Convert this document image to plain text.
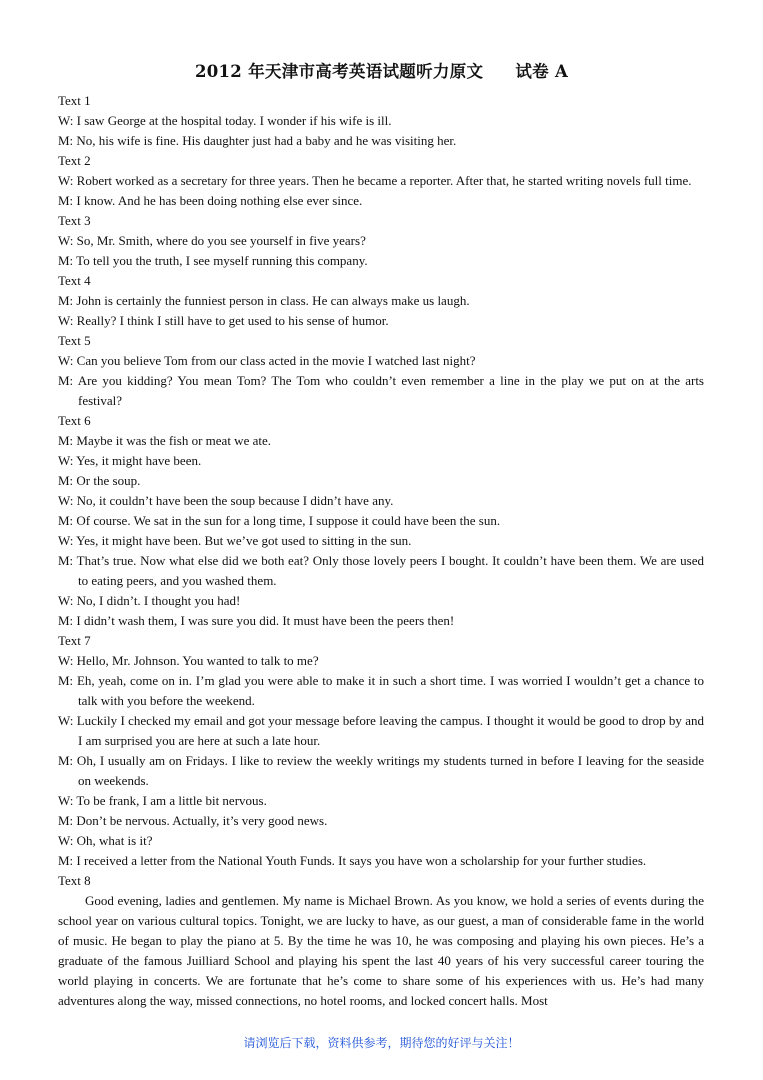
2012 年天津市高考英语试题听力原文 试卷 A
Text 1
W: I saw George at the hospital today. I wonder if his wife is ill.
M: No, his wife is fine. His daughter just had a baby and he was visiting her.
Text 2
W: Robert worked as a secretary for three years. Then he became a reporter. After that, he started writing novels full time.
M: I know. And he has been doing nothing else ever since.
Text 3
W: So, Mr. Smith, where do you see yourself in five years?
M: To tell you the truth, I see myself running this company.
Text 4
M: John is certainly the funniest person in class. He can always make us laugh.
W: Really? I think I still have to get used to his sense of humor.
Text 5
W: Can you believe Tom from our class acted in the movie I watched last night?
M: Are you kidding? You mean Tom? The Tom who couldn’t even remember a line in the play we put on at the arts festival?
Text 6
M: Maybe it was the fish or meat we ate.
W: Yes, it might have been.
M: Or the soup.
W: No, it couldn’t have been the soup because I didn’t have any.
M: Of course. We sat in the sun for a long time, I suppose it could have been the sun.
W: Yes, it might have been. But we’ve got used to sitting in the sun.
M: That’s true. Now what else did we both eat? Only those lovely peers I bought. It couldn’t have been them. We are used to eating peers, and you washed them.
W: No, I didn’t. I thought you had!
M: I didn’t wash them, I was sure you did. It must have been the peers then!
Text 7
W: Hello, Mr. Johnson. You wanted to talk to me?
M: Eh, yeah, come on in. I’m glad you were able to make it in such a short time. I was worried I wouldn’t get a chance to talk with you before the weekend.
W: Luckily I checked my email and got your message before leaving the campus. I thought it would be good to drop by and I am surprised you are here at such a late hour.
M: Oh, I usually am on Fridays. I like to review the weekly writings my students turned in before I leaving for the seaside on weekends.
W: To be frank, I am a little bit nervous.
M: Don’t be nervous. Actually, it’s very good news.
W: Oh, what is it?
M: I received a letter from the National Youth Funds. It says you have won a scholarship for your further studies.
Text 8
Good evening, ladies and gentlemen. My name is Michael Brown. As you know, we hold a series of events during the school year on various cultural topics. Tonight, we are lucky to have, as our guest, a man of considerable fame in the world of music. He began to play the piano at 5. By the time he was 10, he was composing and playing his own pieces. He’s a graduate of the famous Juilliard School and playing his spent the last 40 years of his very successful career touring the world playing in concerts. We are fortunate that he’s come to share some of his experiences with us. He’s had many adventures along the way, missed connections, no hotel rooms, and locked concert halls. Most
请浏览后下载，资料供参考，期待您的好评与关注！
